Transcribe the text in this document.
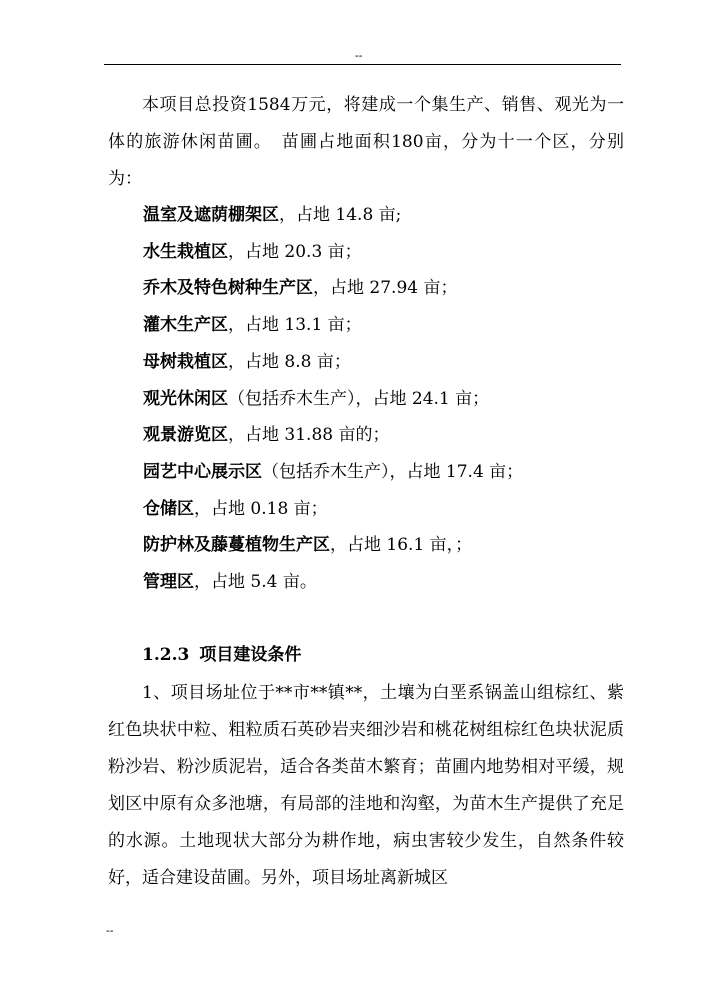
--

本项目总投资1584万元，将建成一个集生产、销售、观光为一体的旅游休闲苗圃。　苗圃占地面积180亩，分为十一个区，分别为：

温室及遮荫棚架区，占地 14.8 亩;
水生栽植区，占地 20.3 亩；
乔木及特色树种生产区，占地 27.94 亩；
灌木生产区，占地 13.1 亩；
母树栽植区，占地 8.8 亩；
观光休闲区（包括乔木生产），占地 24.1 亩；
观景游览区，占地 31.88 亩的；
园艺中心展示区（包括乔木生产），占地 17.4 亩；
仓储区，占地 0.18 亩；
防护林及藤蔓植物生产区，占地 16.1 亩，；
管理区，占地 5.4 亩。
1.2.3 项目建设条件

1、项目场址位于**市**镇**，土壤为白垩系锅盖山组棕红、紫红色块状中粒、粗粒质石英砂岩夹细沙岩和桃花树组棕红色块状泥质粉沙岩、粉沙质泥岩，适合各类苗木繁育；苗圃内地势相对平缓，规划区中原有众多池塘，有局部的洼地和沟壑，为苗木生产提供了充足的水源。土地现状大部分为耕作地，病虫害较少发生，自然条件较好，适合建设苗圃。另外，项目场址离新城区

--
